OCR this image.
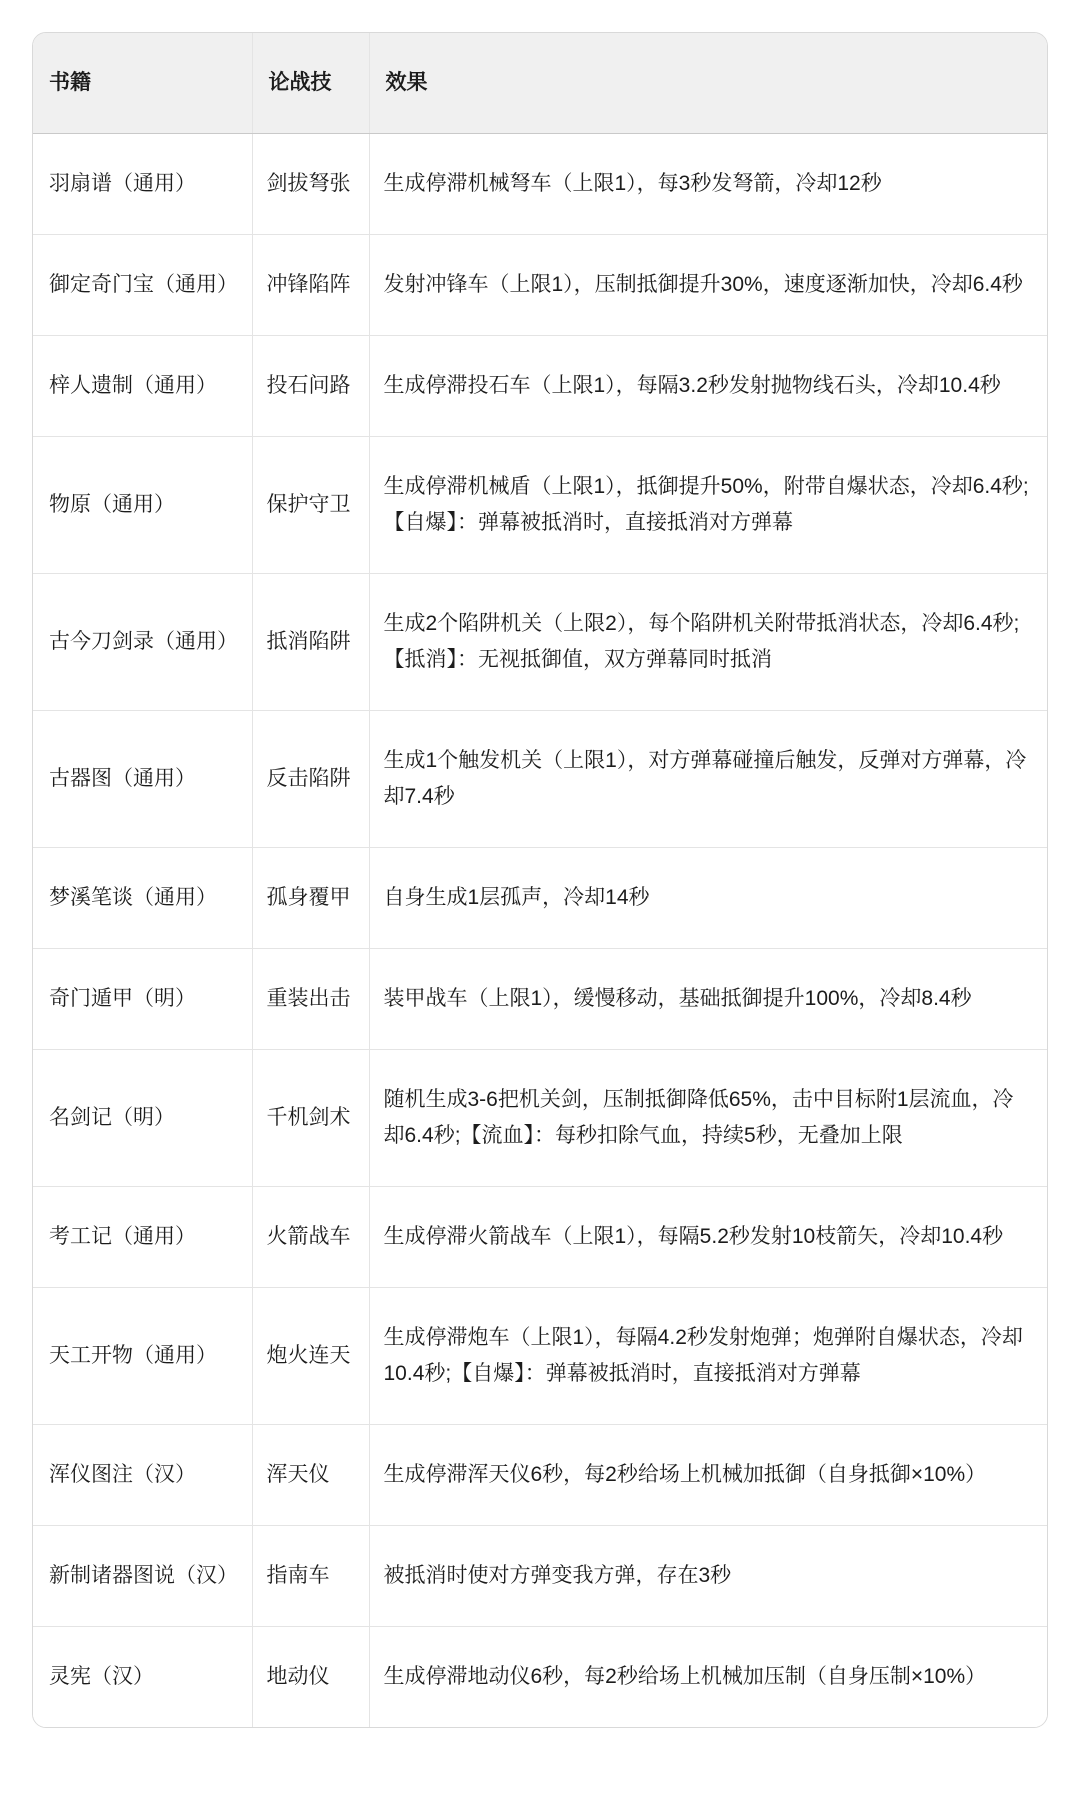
书籍	论战技	效果
羽扇谱（通用）	剑拔弩张	生成停滞机械弩车（上限1），每3秒发弩箭，冷却12秒
御定奇门宝（通用）	冲锋陷阵	发射冲锋车（上限1），压制抵御提升30%，速度逐渐加快，冷却6.4秒
梓人遗制（通用）	投石问路	生成停滞投石车（上限1），每隔3.2秒发射抛物线石头，冷却10.4秒
物原（通用）	保护守卫	生成停滞机械盾（上限1），抵御提升50%，附带自爆状态，冷却6.4秒;【自爆】：弹幕被抵消时，直接抵消对方弹幕
古今刀剑录（通用）	抵消陷阱	生成2个陷阱机关（上限2），每个陷阱机关附带抵消状态，冷却6.4秒;【抵消】：无视抵御值，双方弹幕同时抵消
古器图（通用）	反击陷阱	生成1个触发机关（上限1），对方弹幕碰撞后触发，反弹对方弹幕，冷却7.4秒
梦溪笔谈（通用）	孤身覆甲	自身生成1层孤声，冷却14秒
奇门遁甲（明）	重装出击	装甲战车（上限1），缓慢移动，基础抵御提升100%，冷却8.4秒
名剑记（明）	千机剑术	随机生成3-6把机关剑，压制抵御降低65%，击中目标附1层流血，冷却6.4秒;【流血】：每秒扣除气血，持续5秒，无叠加上限
考工记（通用）	火箭战车	生成停滞火箭战车（上限1），每隔5.2秒发射10枝箭矢，冷却10.4秒
天工开物（通用）	炮火连天	生成停滞炮车（上限1），每隔4.2秒发射炮弹；炮弹附自爆状态，冷却10.4秒;【自爆】：弹幕被抵消时，直接抵消对方弹幕
浑仪图注（汉）	浑天仪	生成停滞浑天仪6秒，每2秒给场上机械加抵御（自身抵御×10%）
新制诸器图说（汉）	指南车	被抵消时使对方弹变我方弹，存在3秒
灵宪（汉）	地动仪	生成停滞地动仪6秒，每2秒给场上机械加压制（自身压制×10%）
